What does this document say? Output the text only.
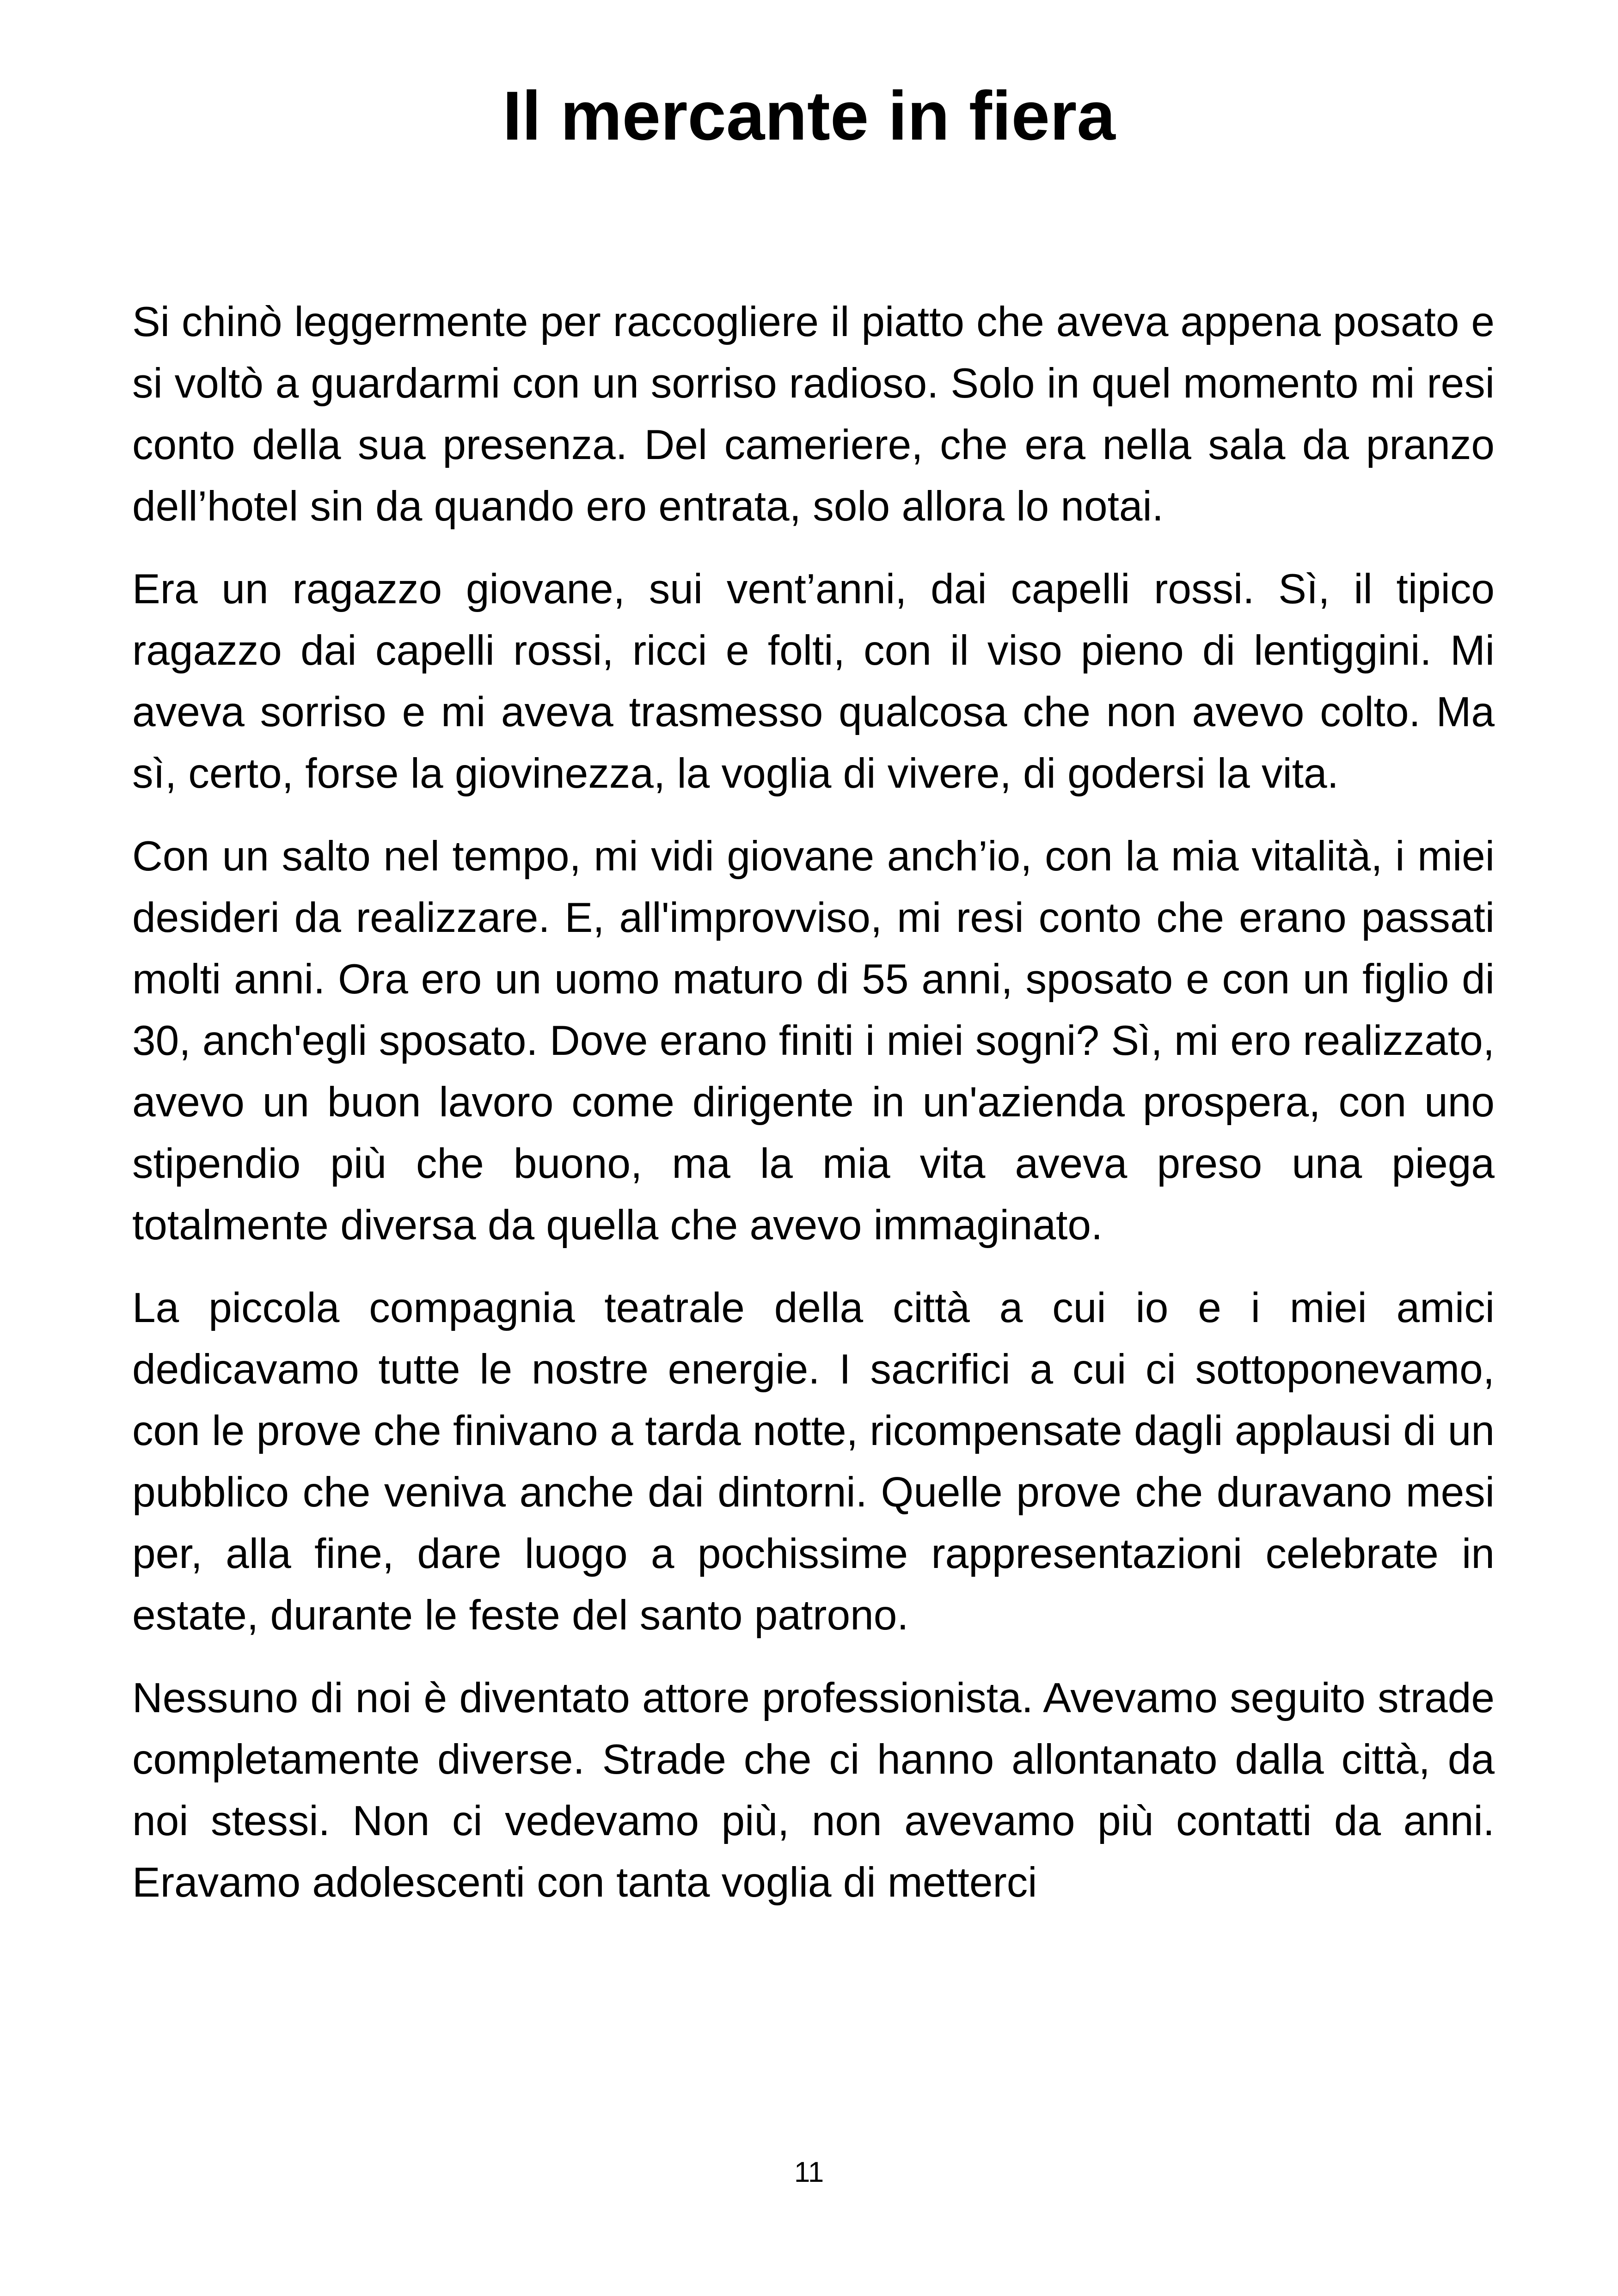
Il mercante in fiera

Si chinò leggermente per raccogliere il piatto che aveva appena posato e si voltò a guardarmi con un sorriso radioso. Solo in quel momento mi resi conto della sua presenza. Del cameriere, che era nella sala da pranzo dell’hotel sin da quando ero entrata, solo allora lo notai.

Era un ragazzo giovane, sui vent’anni, dai capelli rossi. Sì, il tipico ragazzo dai capelli rossi, ricci e folti, con il viso pieno di lentiggini. Mi aveva sorriso e mi aveva trasmesso qualcosa che non avevo colto. Ma sì, certo, forse la giovinezza, la voglia di vivere, di godersi la vita.

Con un salto nel tempo, mi vidi giovane anch’io, con la mia vitalità, i miei desideri da realizzare. E, all'improvviso, mi resi conto che erano passati molti anni. Ora ero un uomo maturo di 55 anni, sposato e con un figlio di 30, anch'egli sposato. Dove erano finiti i miei sogni? Sì, mi ero realizzato, avevo un buon lavoro come dirigente in un'azienda prospera, con uno stipendio più che buono, ma la mia vita aveva preso una piega totalmente diversa da quella che avevo immaginato.

La piccola compagnia teatrale della città a cui io e i miei amici dedicavamo tutte le nostre energie. I sacrifici a cui ci sottoponevamo, con le prove che finivano a tarda notte, ricompensate dagli applausi di un pubblico che veniva anche dai dintorni. Quelle prove che duravano mesi per, alla fine, dare luogo a pochissime rappresentazioni celebrate in estate, durante le feste del santo patrono.

Nessuno di noi è diventato attore professionista. Avevamo seguito strade completamente diverse. Strade che ci hanno allontanato dalla città, da noi stessi. Non ci vedevamo più, non avevamo più contatti da anni. Eravamo adolescenti con tanta voglia di metterci

11
